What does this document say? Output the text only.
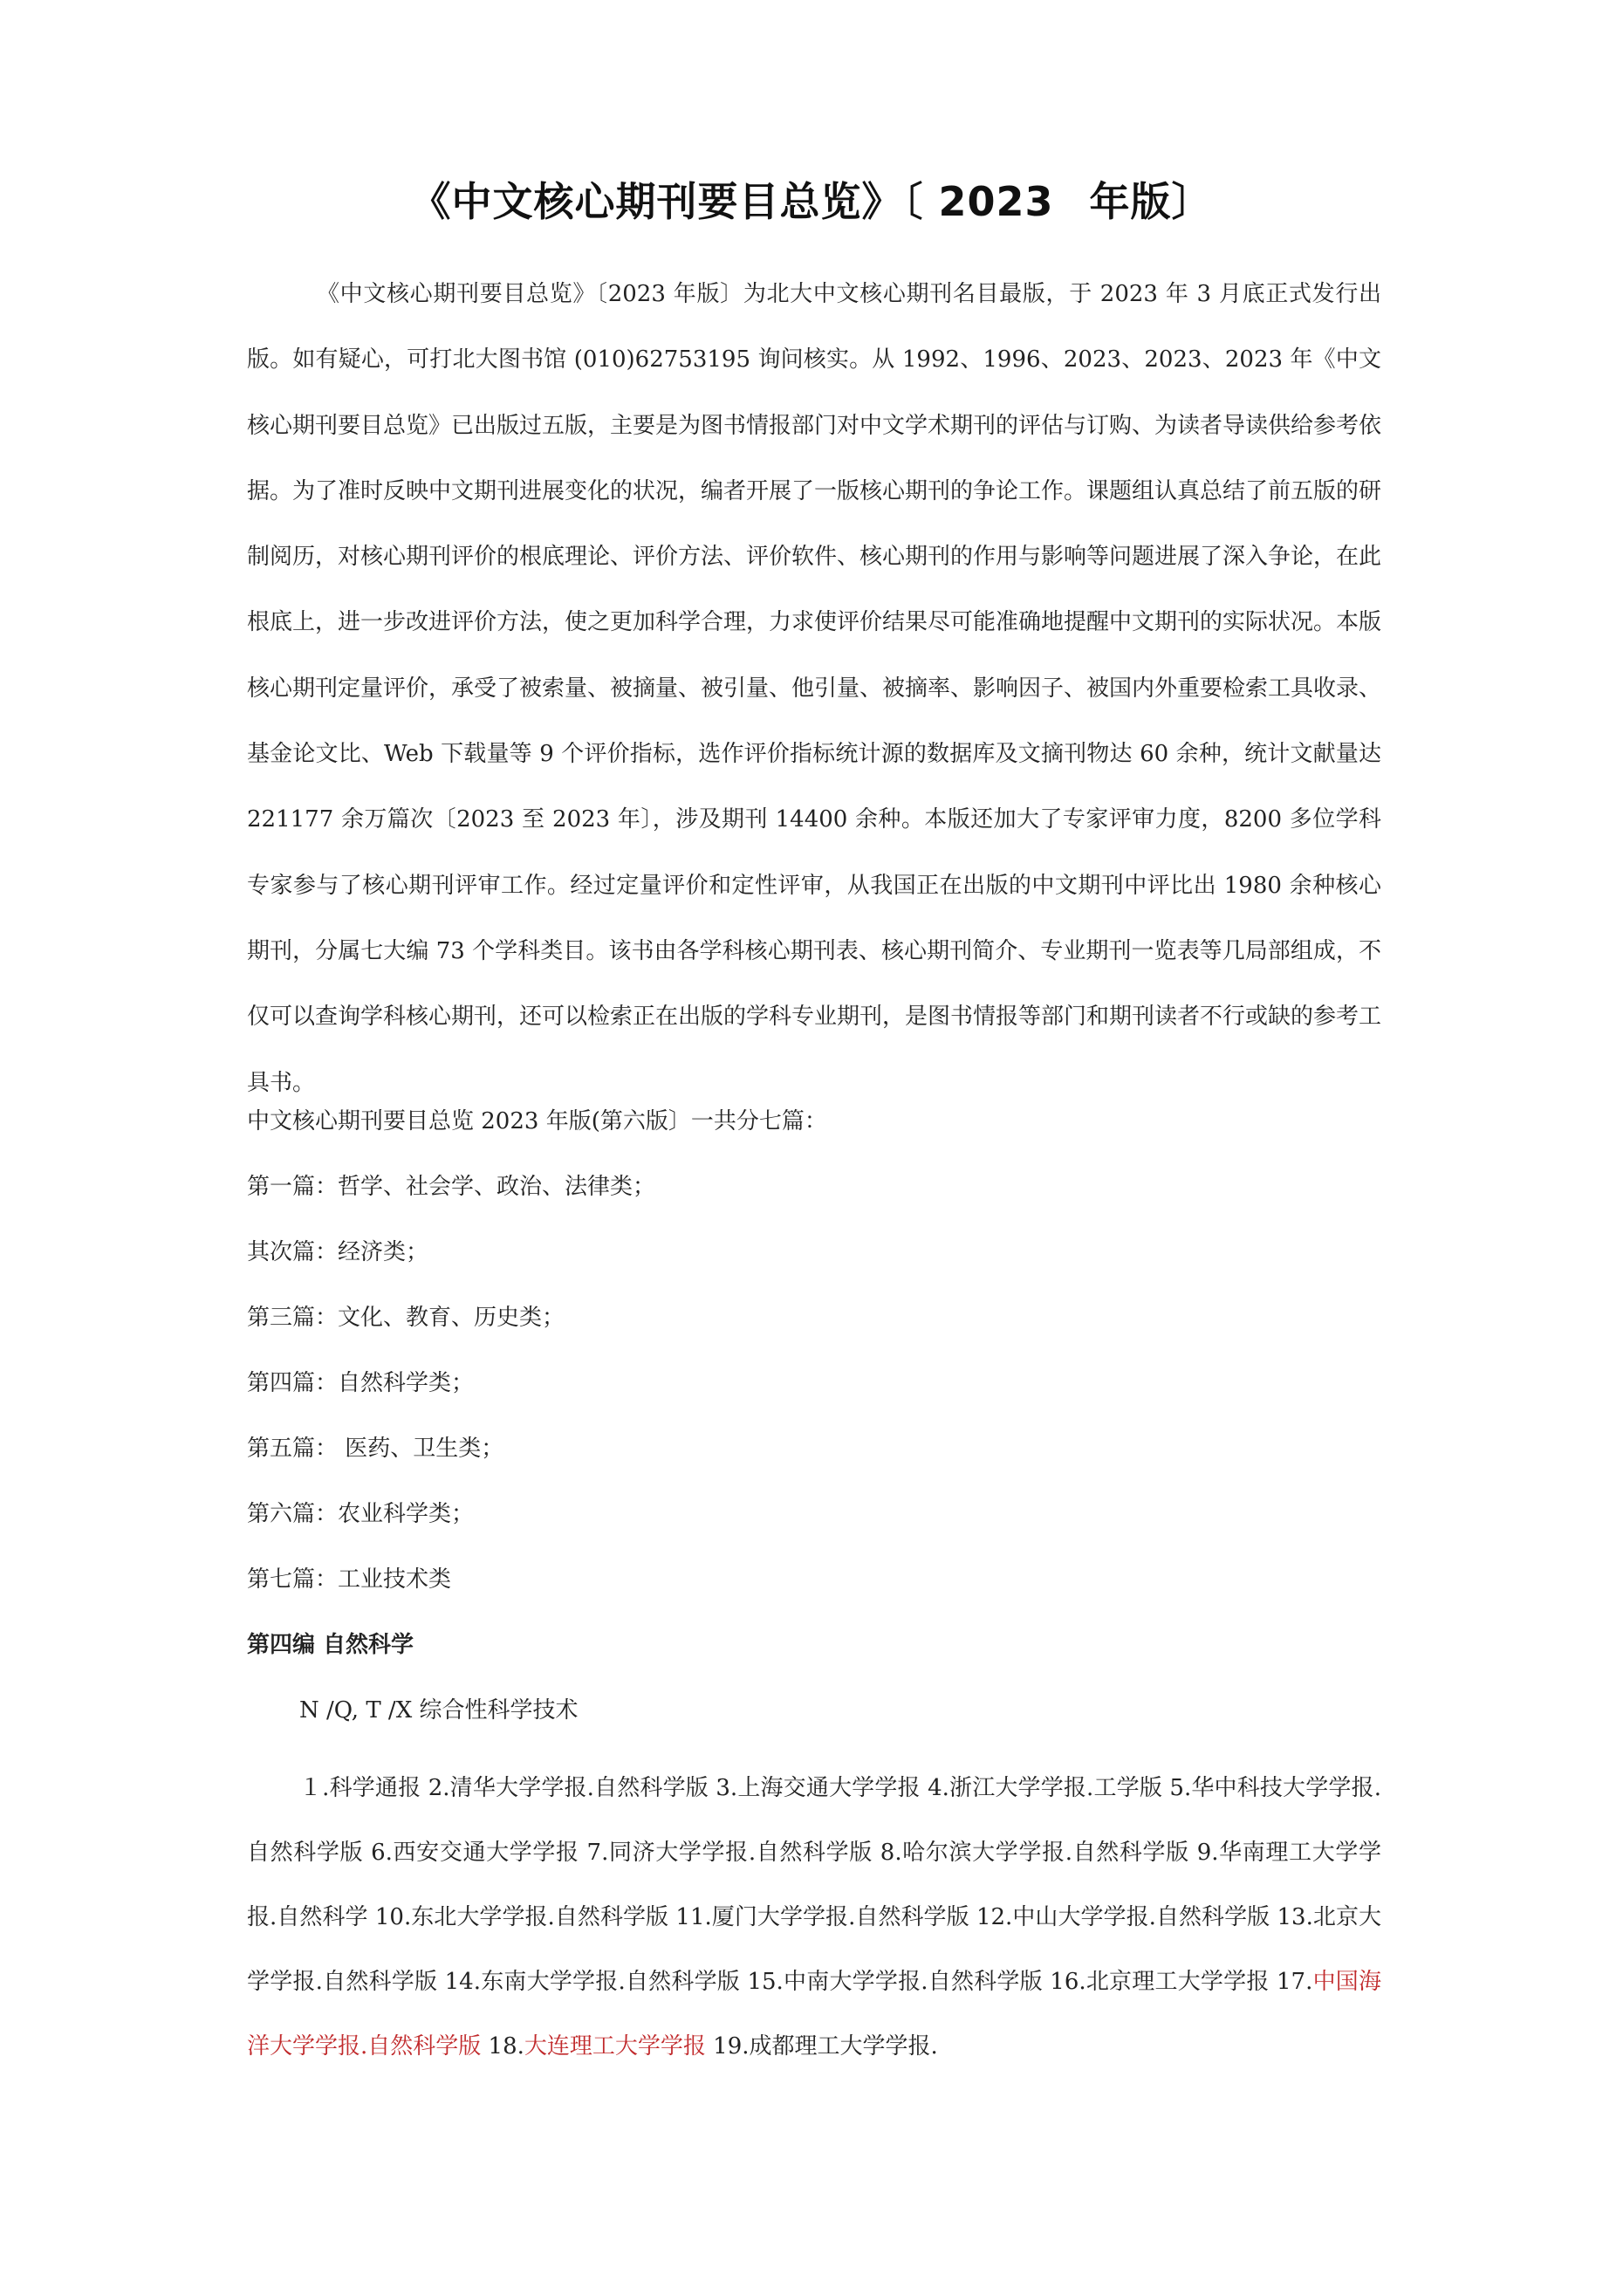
《中文核心期刊要目总览》〔 2023 年版〕

《中文核心期刊要目总览》〔2023 年版〕为北大中文核心期刊名目最版，于 2023 年 3 月底正式发行出版。如有疑心，可打北大图书馆 (010)62753195 询问核实。从 1992、1996、2023、2023、2023 年《中文核心期刊要目总览》已出版过五版，主要是为图书情报部门对中文学术期刊的评估与订购、为读者导读供给参考依据。为了准时反映中文期刊进展变化的状况，编者开展了一版核心期刊的争论工作。课题组认真总结了前五版的研制阅历，对核心期刊评价的根底理论、评价方法、评价软件、核心期刊的作用与影响等问题进展了深入争论，在此根底上，进一步改进评价方法，使之更加科学合理，力求使评价结果尽可能准确地提醒中文期刊的实际状况。本版核心期刊定量评价，承受了被索量、被摘量、被引量、他引量、被摘率、影响因子、被国内外重要检索工具收录、基金论文比、Web 下载量等 9 个评价指标，选作评价指标统计源的数据库及文摘刊物达 60 余种，统计文献量达 221177 余万篇次〔2023 至 2023 年〕，涉及期刊 14400 余种。本版还加大了专家评审力度，8200 多位学科专家参与了核心期刊评审工作。经过定量评价和定性评审，从我国正在出版的中文期刊中评比出 1980 余种核心期刊，分属七大编 73 个学科类目。该书由各学科核心期刊表、核心期刊简介、专业期刊一览表等几局部组成，不仅可以查询学科核心期刊，还可以检索正在出版的学科专业期刊，是图书情报等部门和期刊读者不行或缺的参考工具书。

中文核心期刊要目总览 2023 年版(第六版〕一共分七篇：
第一篇：哲学、社会学、政治、法律类；
其次篇：经济类；
第三篇：文化、教育、历史类；
第四篇：自然科学类；
第五篇： 医药、卫生类；
第六篇：农业科学类；
第七篇：工业技术类
第四编 自然科学
N /Q, T /X 综合性科学技术

１.科学通报 2.清华大学学报.自然科学版 3.上海交通大学学报 4.浙江大学学报.工学版 5.华中科技大学学报.自然科学版 6.西安交通大学学报 7.同济大学学报.自然科学版 8.哈尔滨大学学报.自然科学版 9.华南理工大学学报.自然科学 10.东北大学学报.自然科学版 11.厦门大学学报.自然科学版 12.中山大学学报.自然科学版 13.北京大学学报.自然科学版 14.东南大学学报.自然科学版 15.中南大学学报.自然科学版 16.北京理工大学学报 17.中国海洋大学学报.自然科学版 18.大连理工大学学报 19.成都理工大学学报.
